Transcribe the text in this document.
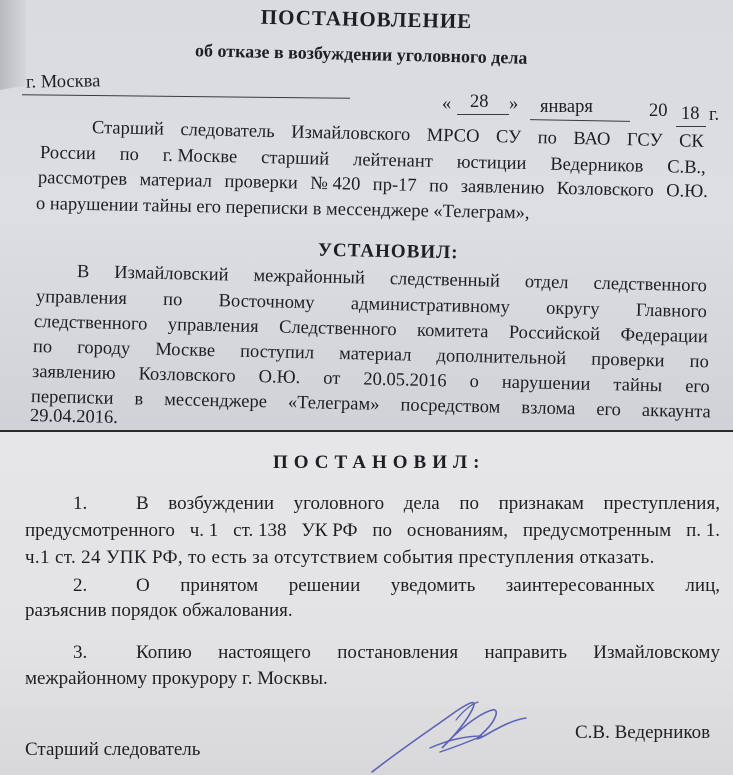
ПОСТАНОВЛЕНИЕ
об отказе в возбуждении уголовного дела
г. Москва
« 28 » января	20 18 г.
Старший следователь Измайловского МРСО СУ по ВАО ГСУ СК
России по г. Москве старший лейтенант юстиции Ведерников С.В.,
рассмотрев материал проверки № 420 пр-17 по заявлению Козловского О.Ю.
о нарушении тайны его переписки в мессенджере «Телеграм»,
УСТАНОВИЛ:
В Измайловский межрайонный следственный отдел следственного
управления по Восточному административному округу Главного
следственного управления Следственного комитета Российской Федерации
по городу Москве поступил материал дополнительной проверки по
заявлению Козловского О.Ю. от 20.05.2016 о нарушении тайны его
переписки в мессенджере «Телеграм» посредством взлома его аккаунта
29.04.2016.
ПОСТАНОВИЛ:
1.	В возбуждении уголовного дела по признакам преступления,
предусмотренного ч. 1 ст. 138 УК РФ по основаниям, предусмотренным п. 1.
ч.1 ст. 24 УПК РФ, то есть за отсутствием события преступления отказать.
2.	О принятом решении уведомить заинтересованных лиц,
разъяснив порядок обжалования.
3.	Копию настоящего постановления направить Измайловскому
межрайонному прокурору г. Москвы.
С.В. Ведерников
Старший следователь
